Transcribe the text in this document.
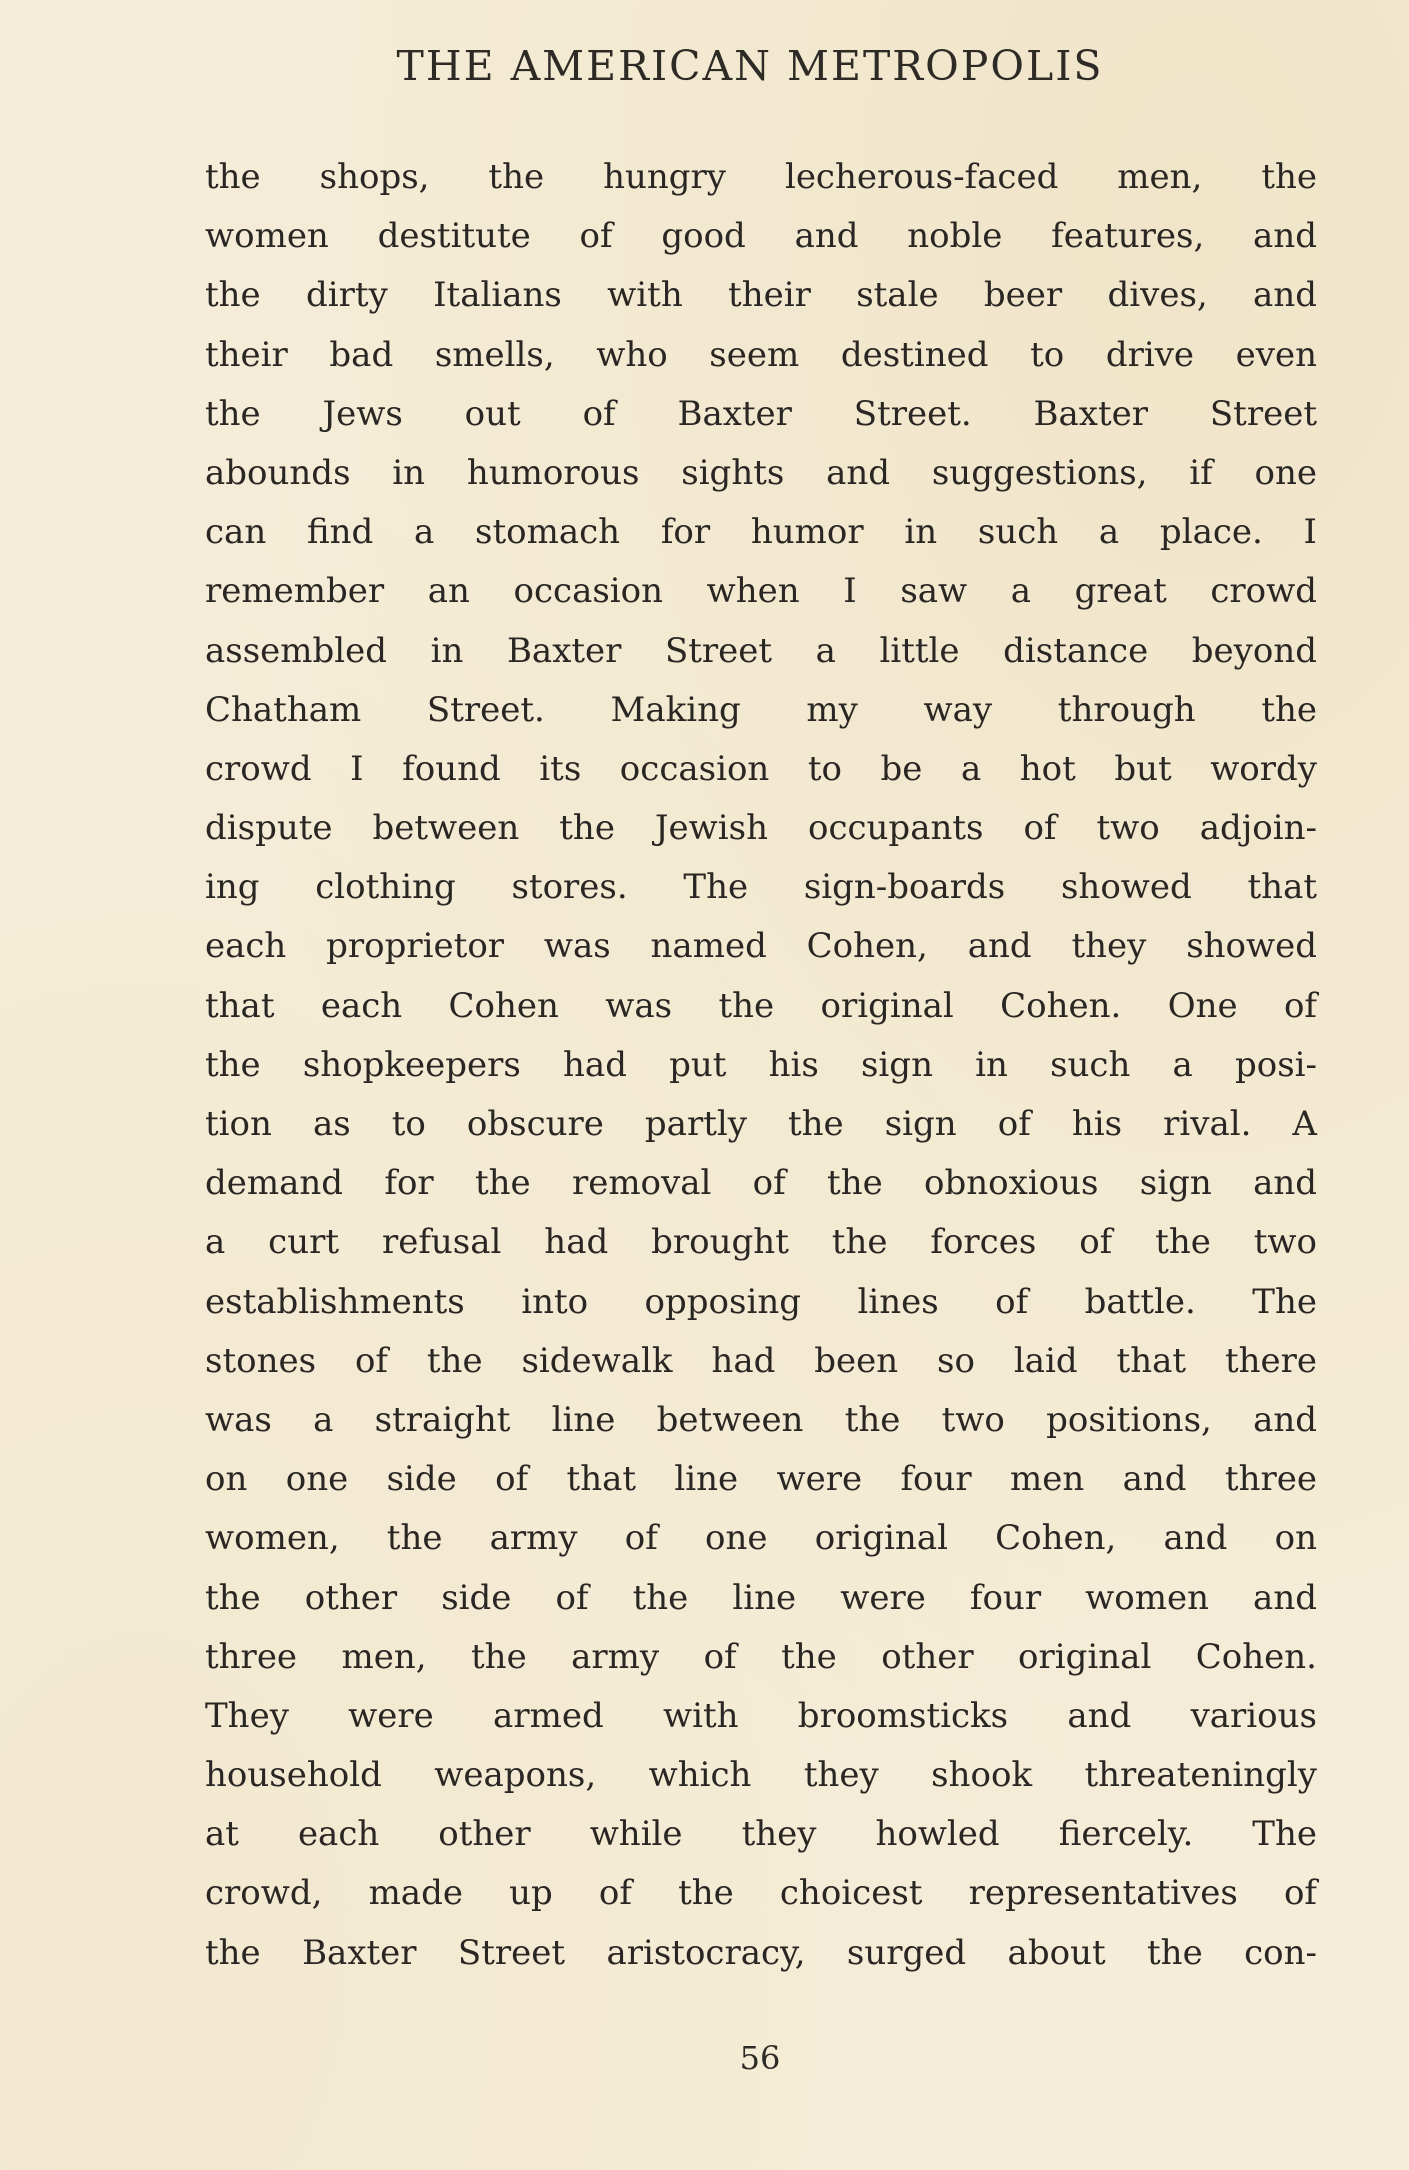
THE AMERICAN METROPOLIS
the shops, the hungry lecherous-faced men, the
women destitute of good and noble features, and
the dirty Italians with their stale beer dives, and
their bad smells, who seem destined to drive even
the Jews out of Baxter Street. Baxter Street
abounds in humorous sights and suggestions, if one
can find a stomach for humor in such a place. I
remember an occasion when I saw a great crowd
assembled in Baxter Street a little distance beyond
Chatham Street. Making my way through the
crowd I found its occasion to be a hot but wordy
dispute between the Jewish occupants of two adjoin-
ing clothing stores. The sign-boards showed that
each proprietor was named Cohen, and they showed
that each Cohen was the original Cohen. One of
the shopkeepers had put his sign in such a posi-
tion as to obscure partly the sign of his rival. A
demand for the removal of the obnoxious sign and
a curt refusal had brought the forces of the two
establishments into opposing lines of battle. The
stones of the sidewalk had been so laid that there
was a straight line between the two positions, and
on one side of that line were four men and three
women, the army of one original Cohen, and on
the other side of the line were four women and
three men, the army of the other original Cohen.
They were armed with broomsticks and various
household weapons, which they shook threateningly
at each other while they howled fiercely. The
crowd, made up of the choicest representatives of
the Baxter Street aristocracy, surged about the con-
56
